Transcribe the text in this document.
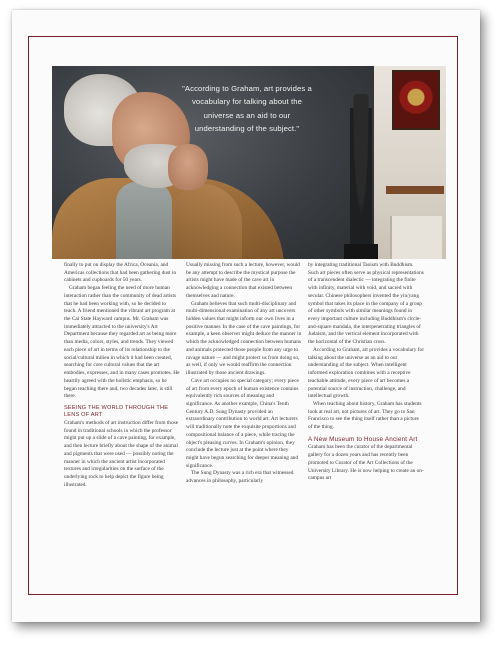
"According to Graham, art provides a vocabulary for talking about the universe as an aid to our understanding of the subject."

finally to put on display the Africa, Oceania, and Americas collections that had been gathering dust in cabinets and cupboards for 50 years.

Graham began feeling the need of more human interaction rather than the community of dead artists that he had been working with, so he decided to teach. A friend mentioned the vibrant art program at the Cal State Hayward campus. Mr. Graham was immediately attracted to the university's Art Department because they regarded art as being more than media, colors, styles, and trends. They viewed each piece of art in terms of its relationship to the social/cultural milieu in which it had been created, searching for core cultural values that the art embodies, expresses, and in many cases promotes. He heartily agreed with the holistic emphasis, so he began teaching there and, two decades later, is still there.

SEEING THE WORLD THROUGH THE LENS OF ART

Graham's methods of art instruction differ from those found in traditional schools in which the professor might put up a slide of a cave painting, for example, and then lecture briefly about the shape of the animal and pigments that were used — possibly noting the manner in which the ancient artist incorporated textures and irregularities on the surface of the underlying rock to help depict the figure being illustrated.

Usually missing from such a lecture, however, would be any attempt to describe the mystical purpose the artists might have made of the cave art in acknowledging a connection that existed between themselves and nature.

Graham believes that such multi-disciplinary and multi-dimensional examination of any art uncovers hidden values that might inform our own lives in a positive manner. In the case of the cave paintings, for example, a keen observer might deduce the manner in which the acknowledged connection between humans and animals protected those people from any urge to ravage nature — and might protect us from doing so, as well, if only we would reaffirm the connection illustrated by those ancient drawings.

Cave art occupies no special category; every piece of art from every epoch of human existence contains equivalently rich sources of meaning and significance. As another example, China's Tenth Century A.D. Sung Dynasty provided an extraordinary contribution to world art. Art lecturers will traditionally note the exquisite proportions and compositional balance of a piece, while tracing the object's pleasing curves. In Graham's opinion, they conclude the lecture just at the point where they might have begun searching for deeper meaning and significance.

The Sung Dynasty was a rich era that witnessed advances in philosophy, particularly

by integrating traditional Taoism with Buddhism. Such art pieces often serve as physical representations of a transcendent dialectic — integrating the finite with infinity, material with void, and sacred with secular. Chinese philosophers invented the yin/yang symbol that takes its place in the company of a group of other symbols with similar meanings found in every important culture including Buddhism's circle-and-square mandala, the interpenetrating triangles of Judaism, and the vertical element incorporated with the horizontal of the Christian cross.

According to Graham, art provides a vocabulary for talking about the universe as an aid to our understanding of the subject. When intelligent informed exploration combines with a receptive teachable attitude, every piece of art becomes a potential source of instruction, challenge, and intellectual growth.

When teaching about history, Graham has students look at real art, not pictures of art. They go to San Francisco to see the thing itself rather than a picture of the thing.

A New Museum to House Ancient Art

Graham has been the curator of the departmental gallery for a dozen years and has recently been promoted to Curator of the Art Collections of the University Library. He is now helping to create an on-campus art
